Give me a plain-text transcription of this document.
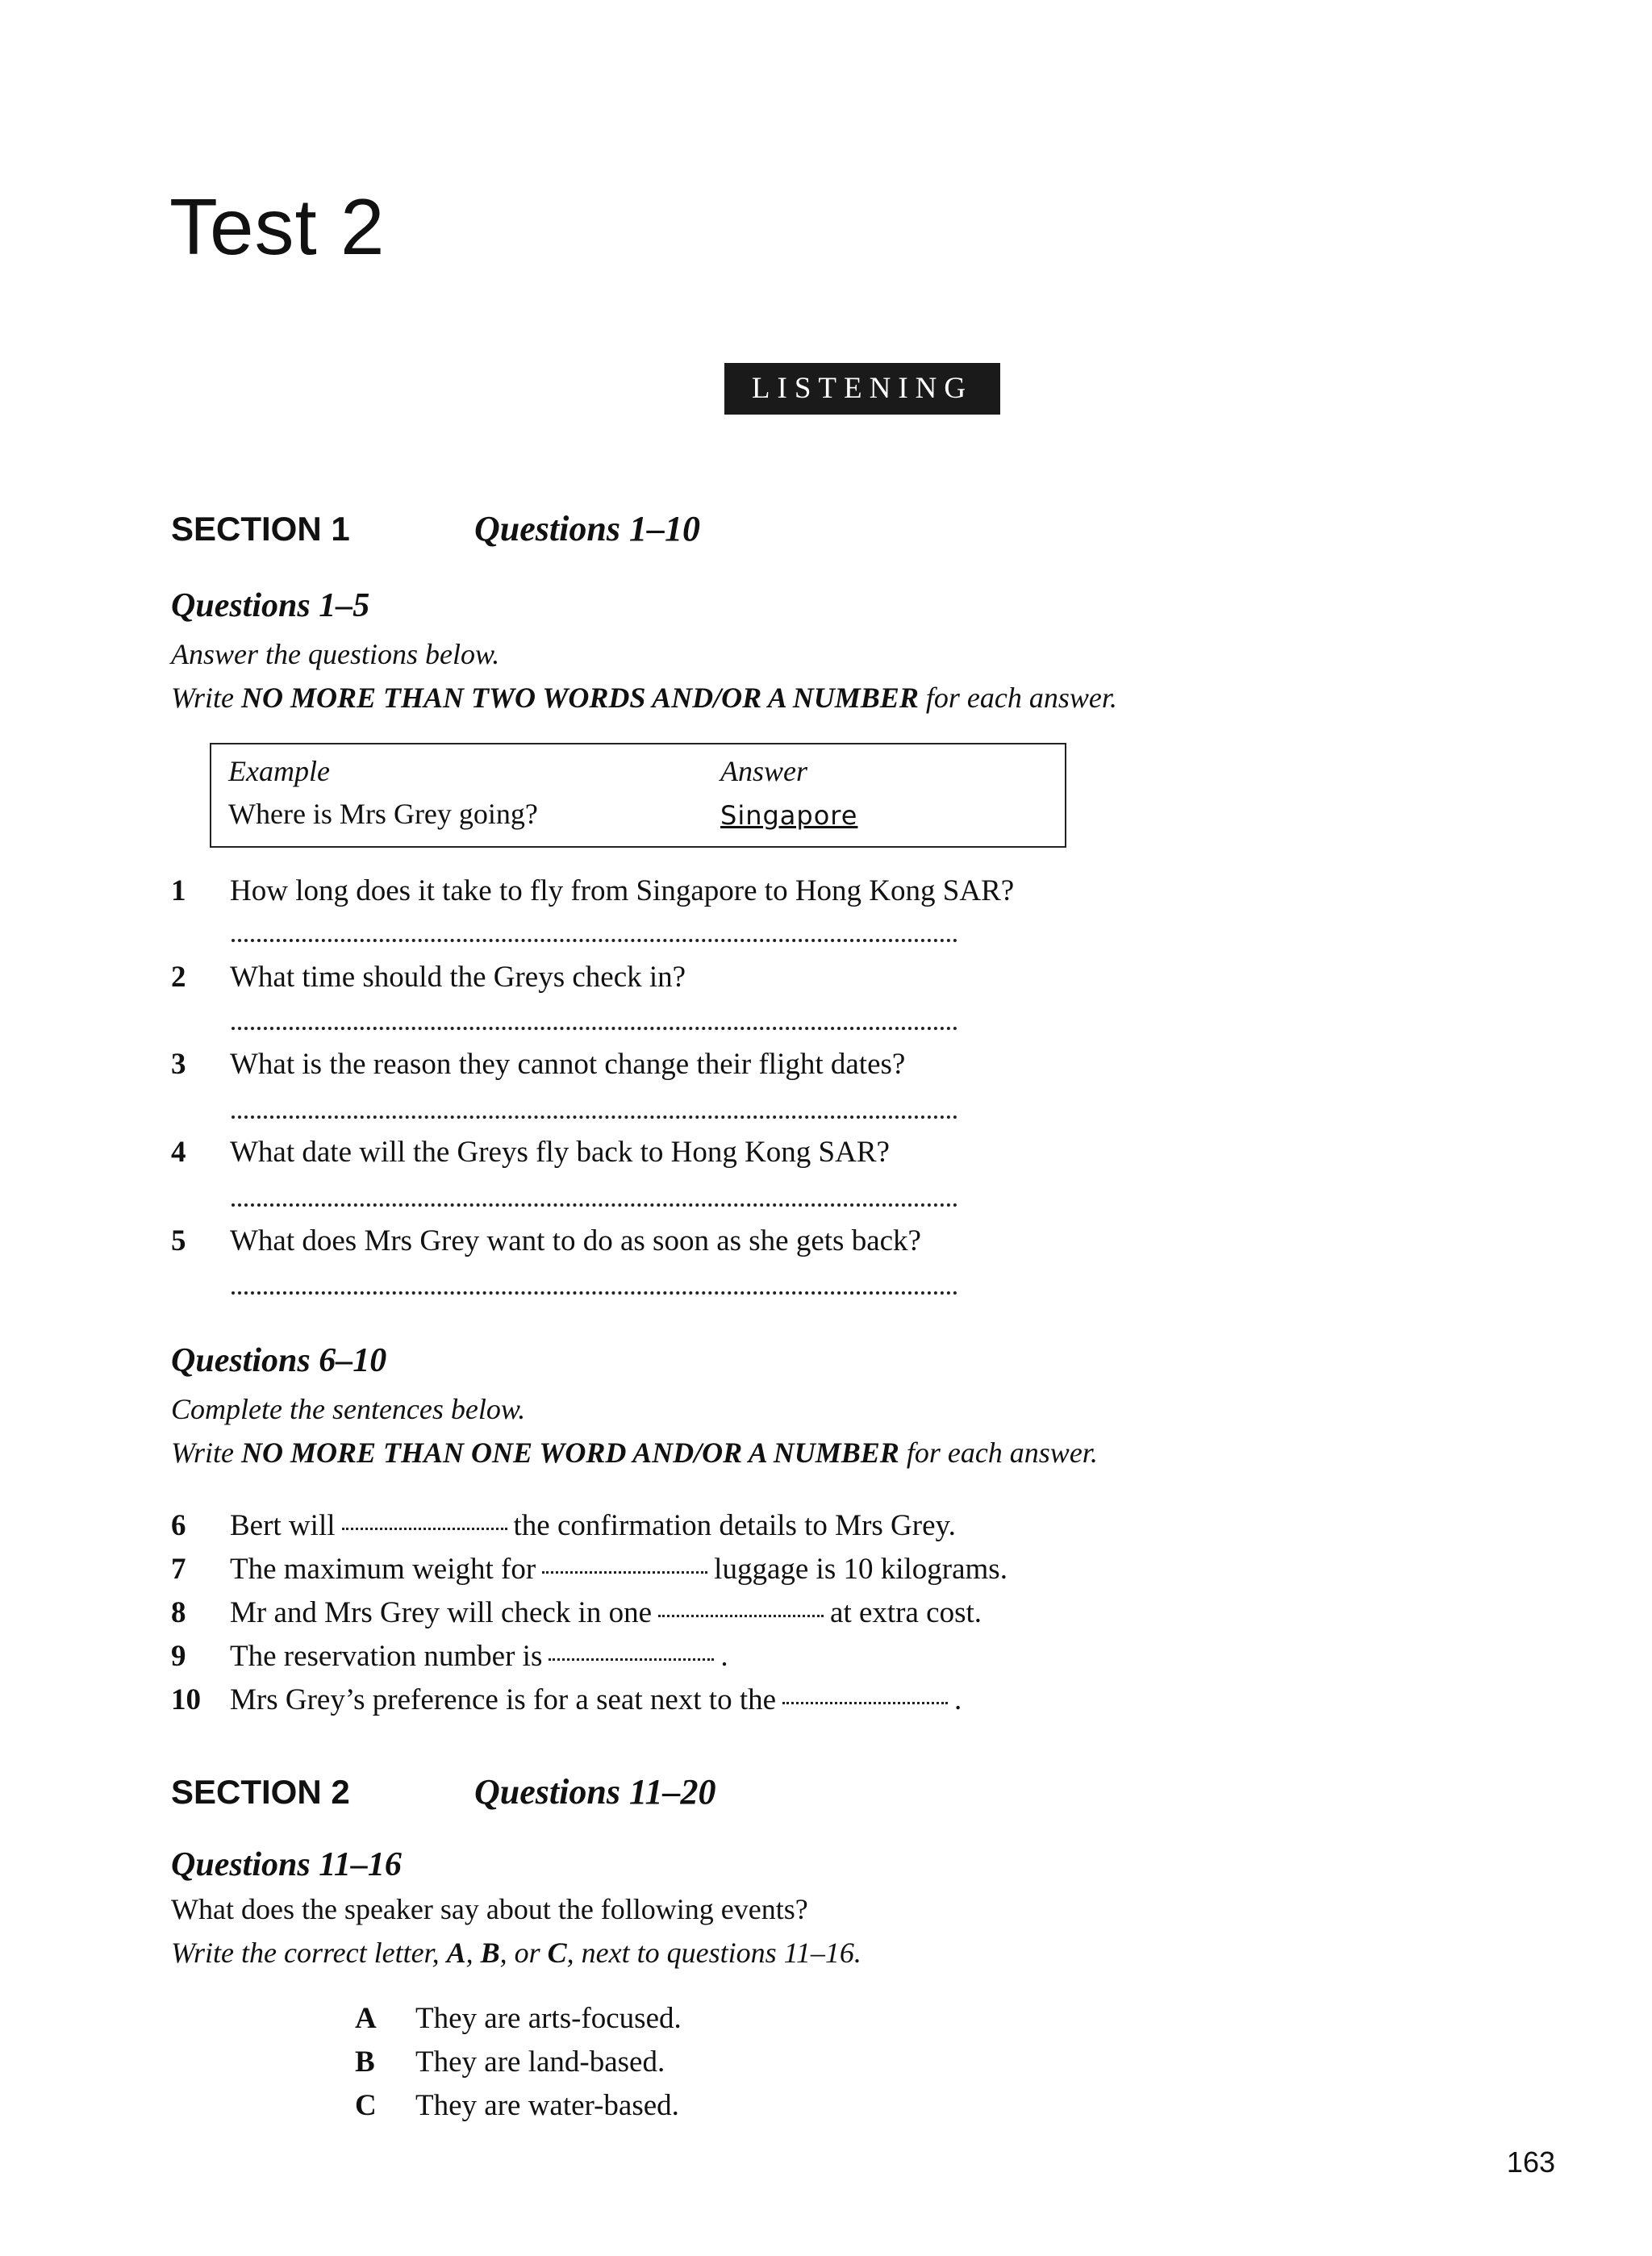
Test 2
LISTENING
SECTION 1	Questions 1–10
Questions 1–5
Answer the questions below.
Write NO MORE THAN TWO WORDS AND/OR A NUMBER for each answer.
Example	Answer
Where is Mrs Grey going?	Singapore
1 How long does it take to fly from Singapore to Hong Kong SAR?
2 What time should the Greys check in?
3 What is the reason they cannot change their flight dates?
4 What date will the Greys fly back to Hong Kong SAR?
5 What does Mrs Grey want to do as soon as she gets back?
Questions 6–10
Complete the sentences below.
Write NO MORE THAN ONE WORD AND/OR A NUMBER for each answer.
6 Bert will	the confirmation details to Mrs Grey.
7 The maximum weight for	luggage is 10 kilograms.
8 Mr and Mrs Grey will check in one	at extra cost.
9 The reservation number is	.
10 Mrs Grey’s preference is for a seat next to the	.
SECTION 2	Questions 11–20
Questions 11–16
What does the speaker say about the following events?
Write the correct letter, A, B, or C, next to questions 11–16.
A They are arts-focused.
B They are land-based.
C They are water-based.
163
